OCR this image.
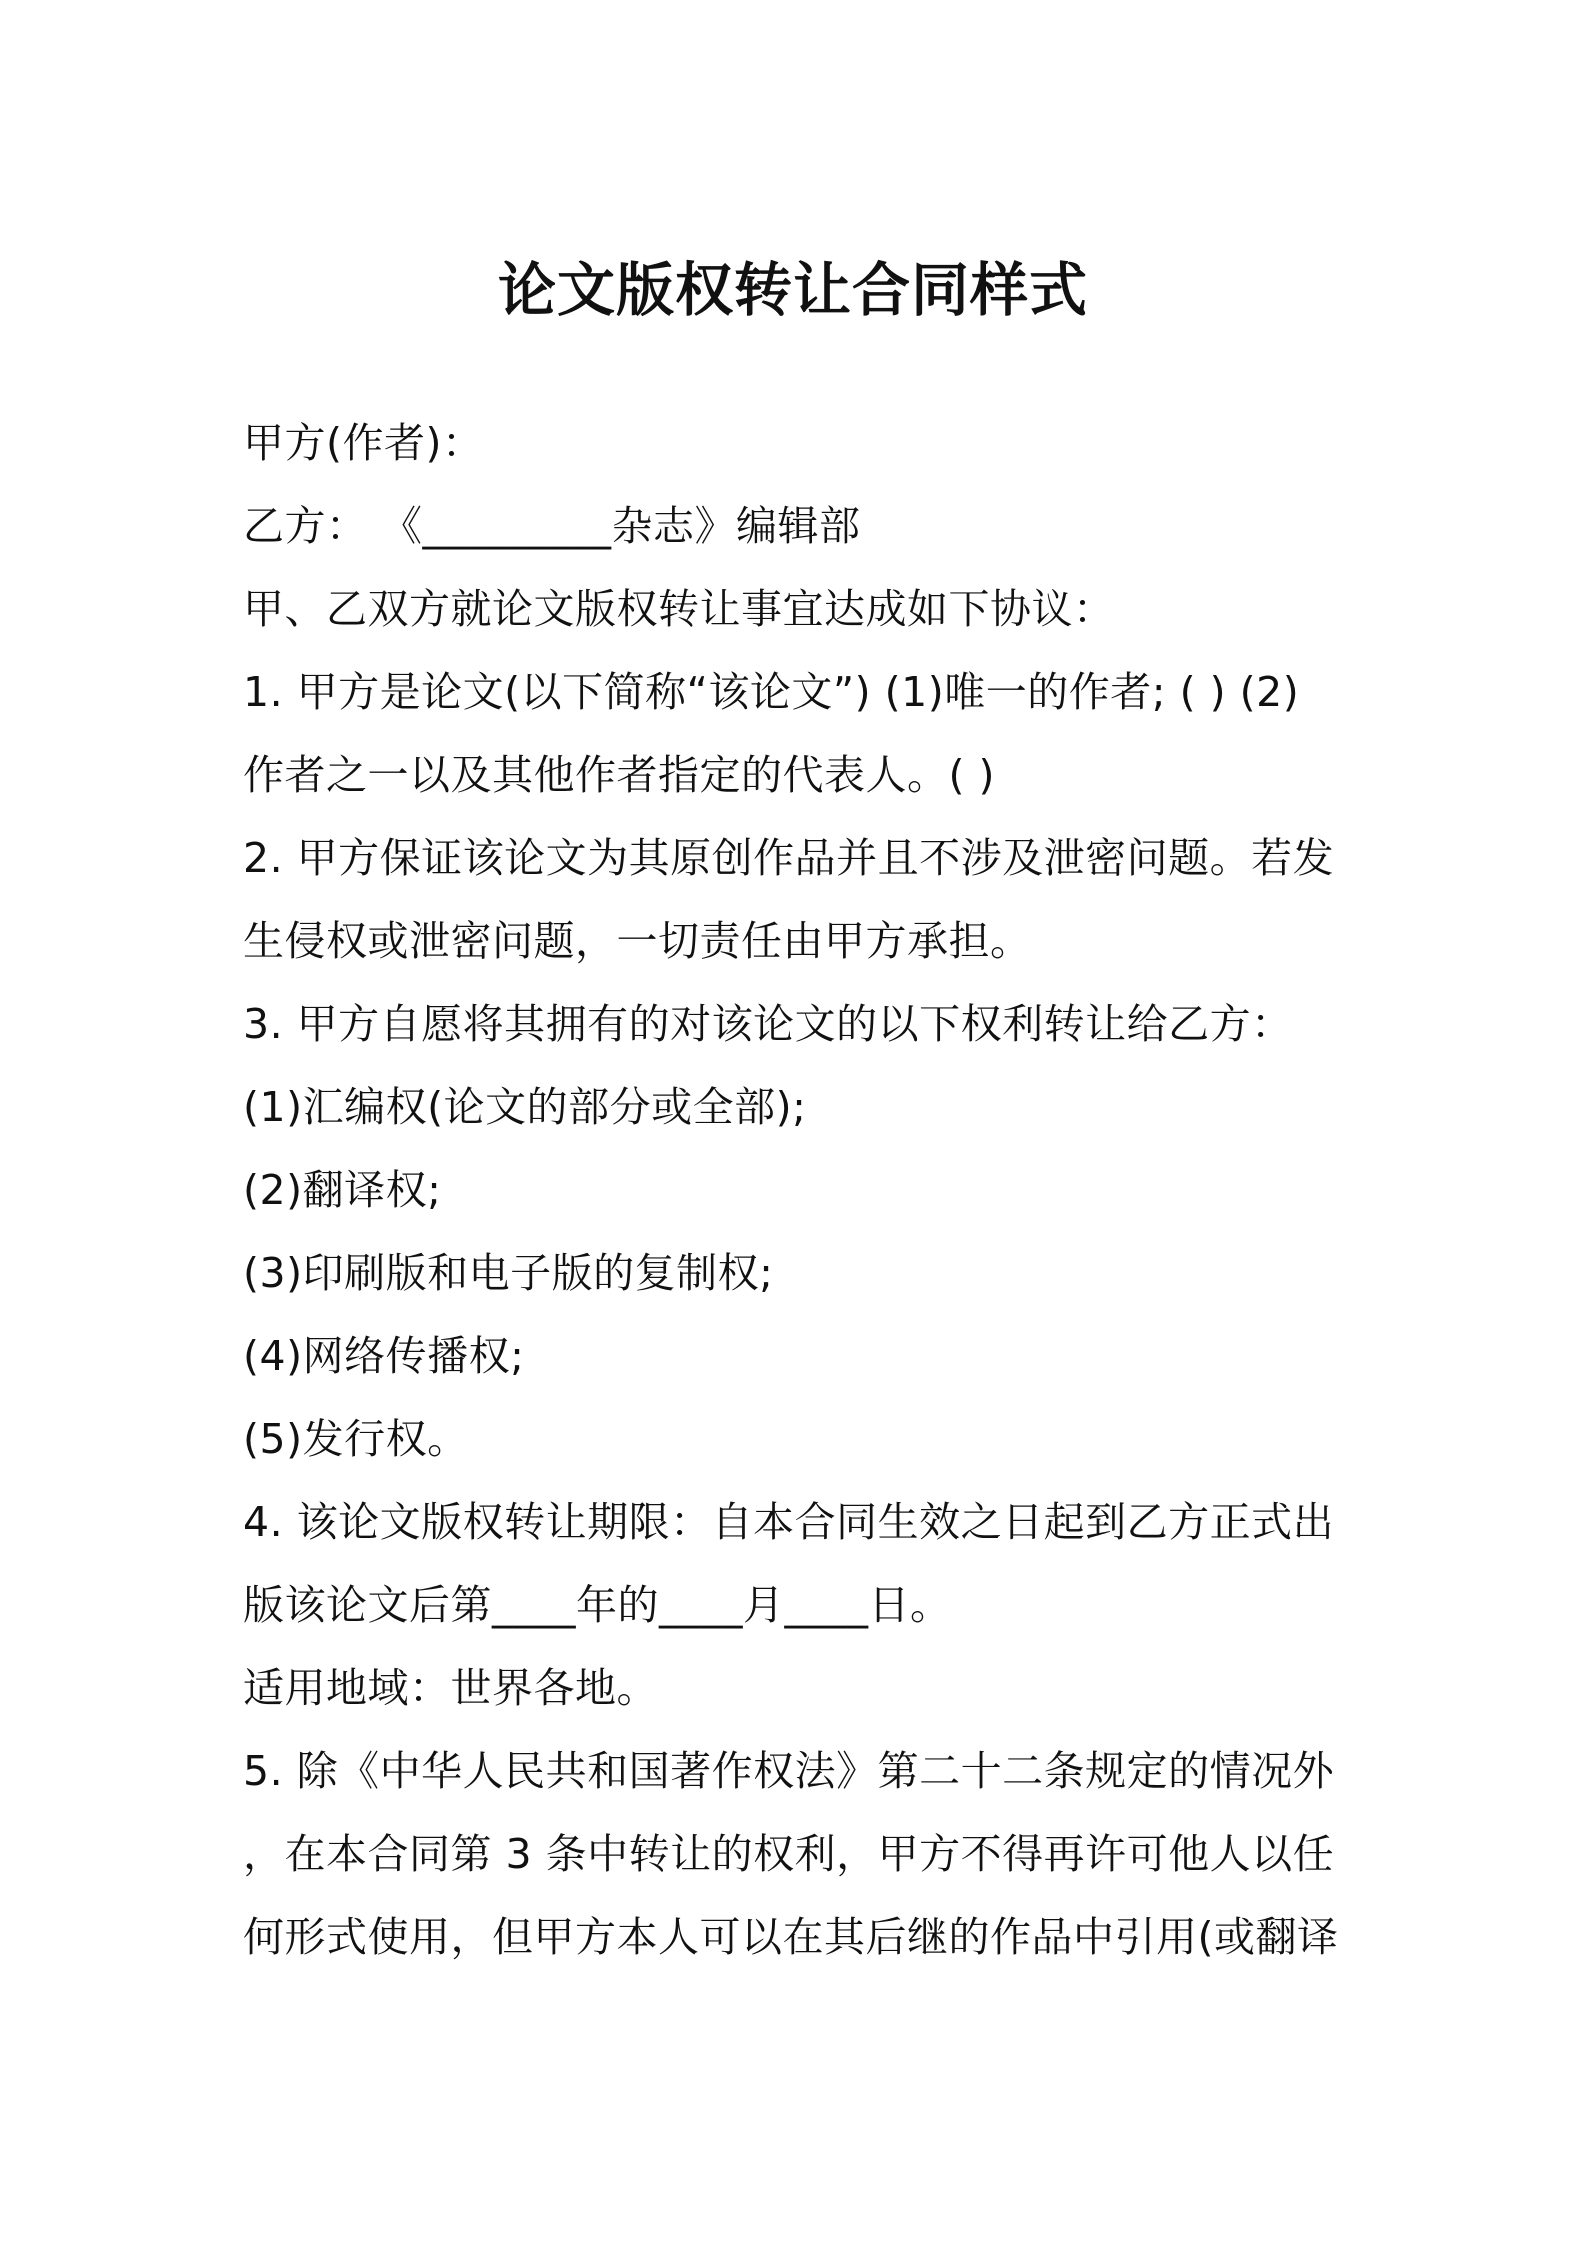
论文版权转让合同样式
甲方(作者)：
乙方： 《_________杂志》编辑部
甲、乙双方就论文版权转让事宜达成如下协议：
1. 甲方是论文(以下简称“该论文”) (1)唯一的作者; ( ) (2)
作者之一以及其他作者指定的代表人。( )
2. 甲方保证该论文为其原创作品并且不涉及泄密问题。若发
生侵权或泄密问题，一切责任由甲方承担。
3. 甲方自愿将其拥有的对该论文的以下权利转让给乙方：
(1)汇编权(论文的部分或全部);
(2)翻译权;
(3)印刷版和电子版的复制权;
(4)网络传播权;
(5)发行权。
4. 该论文版权转让期限：自本合同生效之日起到乙方正式出
版该论文后第____年的____月____日。
适用地域：世界各地。
5. 除《中华人民共和国著作权法》第二十二条规定的情况外
，在本合同第 3 条中转让的权利，甲方不得再许可他人以任
何形式使用，但甲方本人可以在其后继的作品中引用(或翻译
